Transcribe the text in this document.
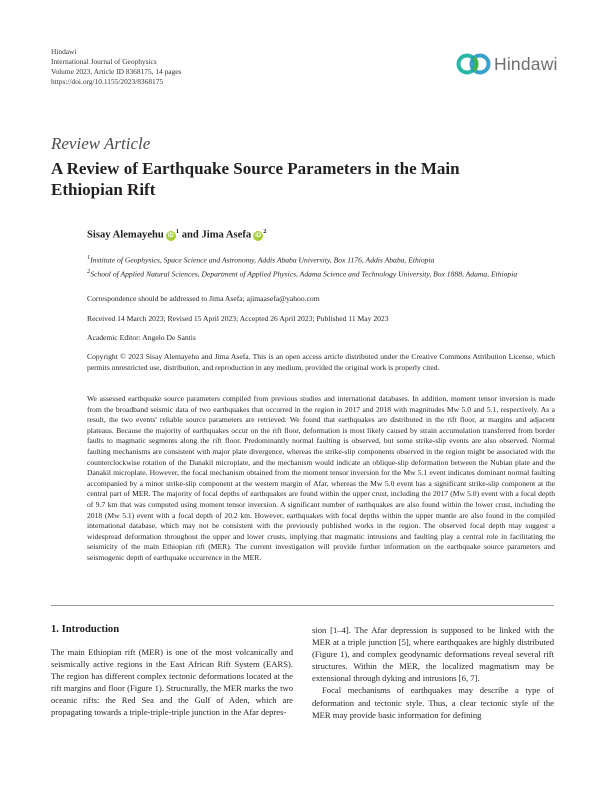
Hindawi
International Journal of Geophysics
Volume 2023, Article ID 8368175, 14 pages
https://doi.org/10.1155/2023/8368175
Hindawi
Review Article
A Review of Earthquake Source Parameters in the Main Ethiopian Rift
Sisay Alemayehu $iD^1$ and Jima Asefa $iD^2$
$^1$Institute of Geophysics, Space Science and Astronomy, Addis Ababa University, Box 1176, Addis Ababa, Ethiopia
$^2$School of Applied Natural Sciences, Department of Applied Physics, Adama Science and Technology University, Box 1888, Adama, Ethiopia
Correspondence should be addressed to Jima Asefa; ajimaasefa@yahoo.com
Received 14 March 2023; Revised 15 April 2023; Accepted 26 April 2023; Published 11 May 2023
Academic Editor: Angelo De Santis
Copyright © 2023 Sisay Alemayehu and Jima Asefa. This is an open access article distributed under the Creative Commons Attribution License, which permits unrestricted use, distribution, and reproduction in any medium, provided the original work is properly cited.
We assessed earthquake source parameters compiled from previous studies and international databases. In addition, moment tensor inversion is made from the broadband seismic data of two earthquakes that occurred in the region in 2017 and 2018 with magnitudes Mw 5.0 and 5.1, respectively. As a result, the two events' reliable source parameters are retrieved. We found that earthquakes are distributed in the rift floor, at margins and adjacent plateaus. Because the majority of earthquakes occur on the rift floor, deformation is most likely caused by strain accumulation transferred from border faults to magmatic segments along the rift floor. Predominantly normal faulting is observed, but some strike-slip events are also observed. Normal faulting mechanisms are consistent with major plate divergence, whereas the strike-slip components observed in the region might be associated with the counterclockwise rotation of the Danakil microplate, and the mechanism would indicate an oblique-slip deformation between the Nubian plate and the Danakil microplate. However, the focal mechanism obtained from the moment tensor inversion for the Mw 5.1 event indicates dominant normal faulting accompanied by a minor strike-slip component at the western margin of Afar, whereas the Mw 5.0 event has a significant strike-slip component at the central part of MER. The majority of focal depths of earthquakes are found within the upper crust, including the 2017 (Mw 5.0) event with a focal depth of 9.7 km that was computed using moment tensor inversion. A significant number of earthquakes are also found within the lower crust, including the 2018 (Mw 5.1) event with a focal depth of 20.2 km. However, earthquakes with focal depths within the upper mantle are also found in the compiled international database, which may not be consistent with the previously published works in the region. The observed focal depth may suggest a widespread deformation throughout the upper and lower crusts, implying that magmatic intrusions and faulting play a central role in facilitating the seismicity of the main Ethiopian rift (MER). The current investigation will provide further information on the earthquake source parameters and seismogenic depth of earthquake occurrence in the MER.
1. Introduction

The main Ethiopian rift (MER) is one of the most volcanically and seismically active regions in the East African Rift System (EARS). The region has different complex tectonic deformations located at the rift margins and floor (Figure 1). Structurally, the MER marks the two oceanic rifts: the Red Sea and the Gulf of Aden, which are propagating towards a triple-triple-triple junction in the Afar depres-

sion [1–4]. The Afar depression is supposed to be linked with the MER at a triple junction [5], where earthquakes are highly distributed (Figure 1), and complex geodynamic deformations reveal several rift structures. Within the MER, the localized magmatism may be extensional through dyking and intrusions [6, 7].

Focal mechanisms of earthquakes may describe a type of deformation and tectonic style. Thus, a clear tectonic style of the MER may provide basic information for defining
